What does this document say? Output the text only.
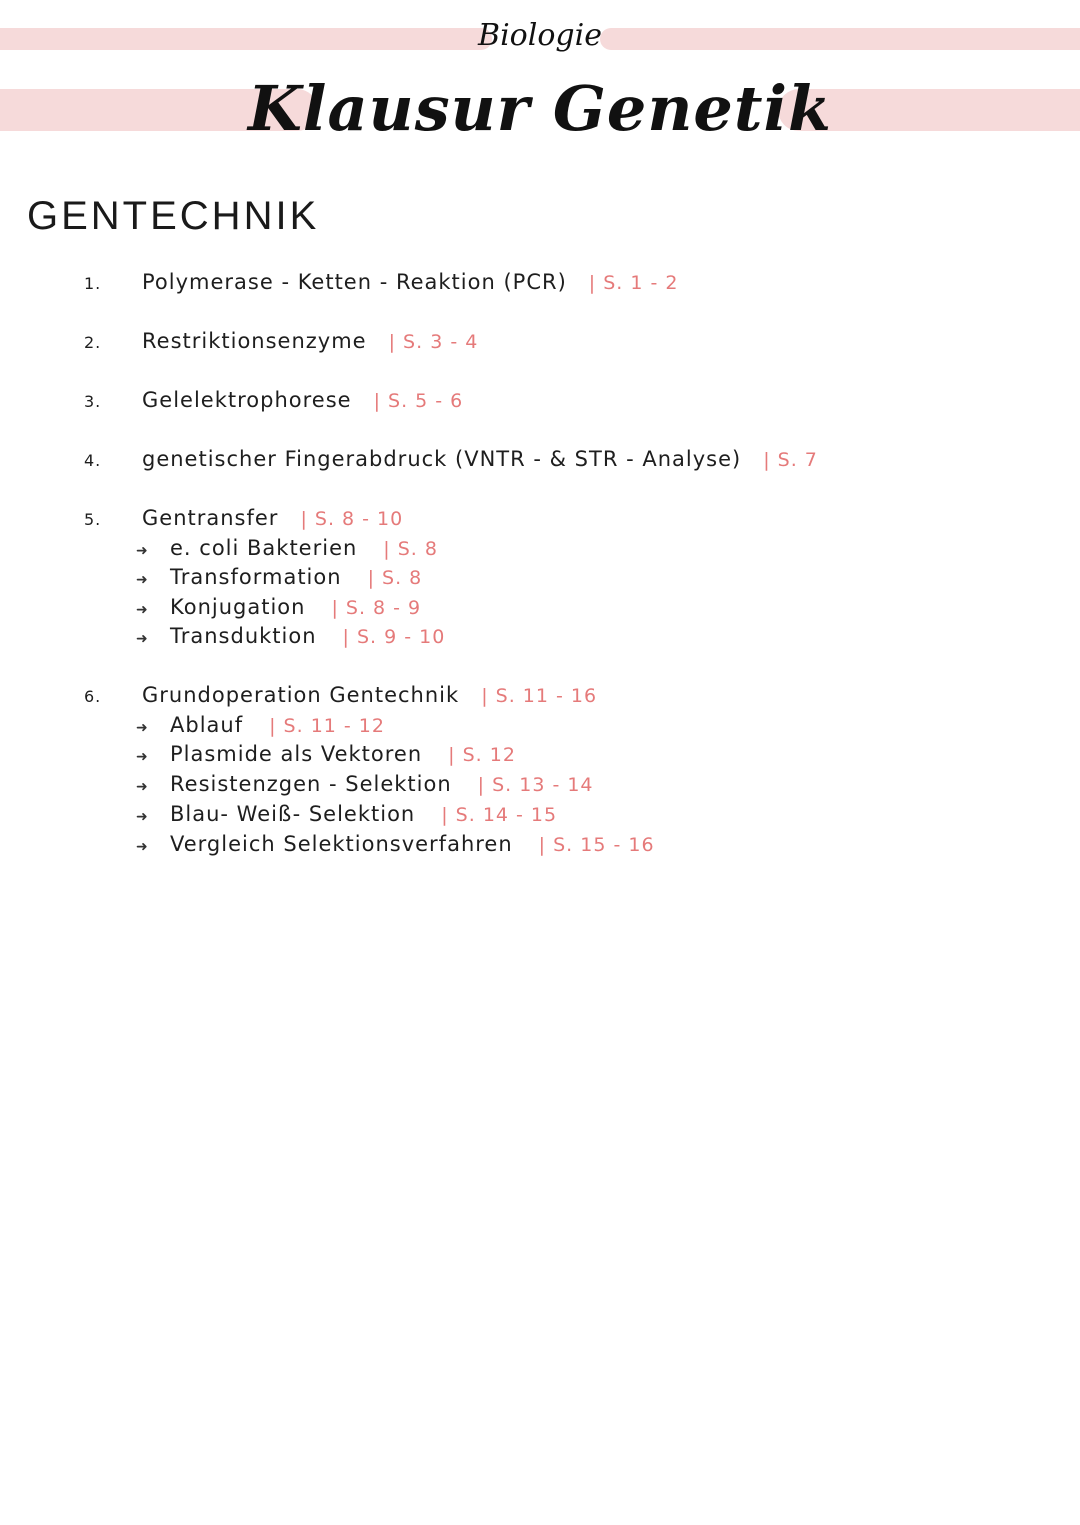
Biologie
Klausur Genetik
GENTECHNIK
1. Polymerase - Ketten - Reaktion (PCR) | S. 1 - 2
2. Restriktionsenzyme | S. 3 - 4
3. Gelelektrophorese | S. 5 - 6
4. genetischer Fingerabdruck (VNTR - & STR - Analyse) | S. 7
5. Gentransfer | S. 8 - 10
➜ e. coli Bakterien | S. 8
➜ Transformation | S. 8
➜ Konjugation | S. 8 - 9
➜ Transduktion | S. 9 - 10
6. Grundoperation Gentechnik | S. 11 - 16
➜ Ablauf | S. 11 - 12
➜ Plasmide als Vektoren | S. 12
➜ Resistenzgen - Selektion | S. 13 - 14
➜ Blau- Weiß- Selektion | S. 14 - 15
➜ Vergleich Selektionsverfahren | S. 15 - 16
